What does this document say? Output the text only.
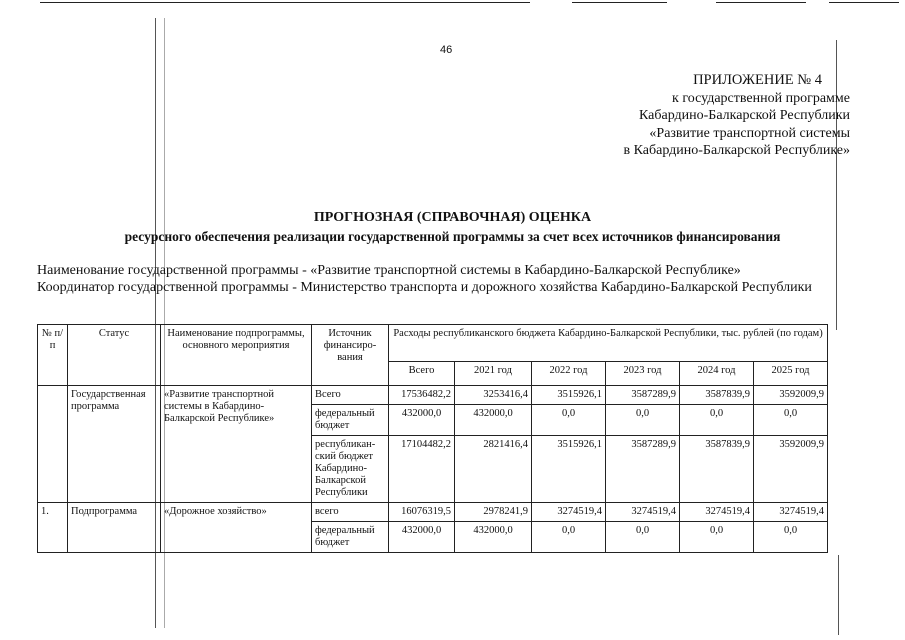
46
ПРИЛОЖЕНИЕ № 4
к государственной программе
Кабардино-Балкарской Республики
«Развитие транспортной системы
в Кабардино-Балкарской Республике»
ПРОГНОЗНАЯ (СПРАВОЧНАЯ) ОЦЕНКА
ресурсного обеспечения реализации государственной программы за счет всех источников финансирования
Наименование государственной программы - «Развитие транспортной системы в Кабардино-Балкарской Республике»
Координатор государственной программы - Министерство транспорта и дорожного хозяйства Кабардино-Балкарской Республики
№ п/п	Статус	Наименование подпрограммы, основного мероприятия	Источник финансиро-вания	Расходы республиканского бюджета Кабардино-Балкарской Республики, тыс. рублей (по годам)					
				Всего	2021 год	2022 год	2023 год	2024 год	2025 год
	Государственная программа	«Развитие транспортной системы в Кабардино-Балкарской Республике»	Всего	17536482,2	3253416,4	3515926,1	3587289,9	3587839,9	3592009,9
			федеральный бюджет	432000,0	432000,0	0,0	0,0	0,0	0,0
			республикан-ский бюджет Кабардино-Балкарской Республики	17104482,2	2821416,4	3515926,1	3587289,9	3587839,9	3592009,9
1.	Подпрограмма	«Дорожное хозяйство»	всего	16076319,5	2978241,9	3274519,4	3274519,4	3274519,4	3274519,4
			федеральный бюджет	432000,0	432000,0	0,0	0,0	0,0	0,0
